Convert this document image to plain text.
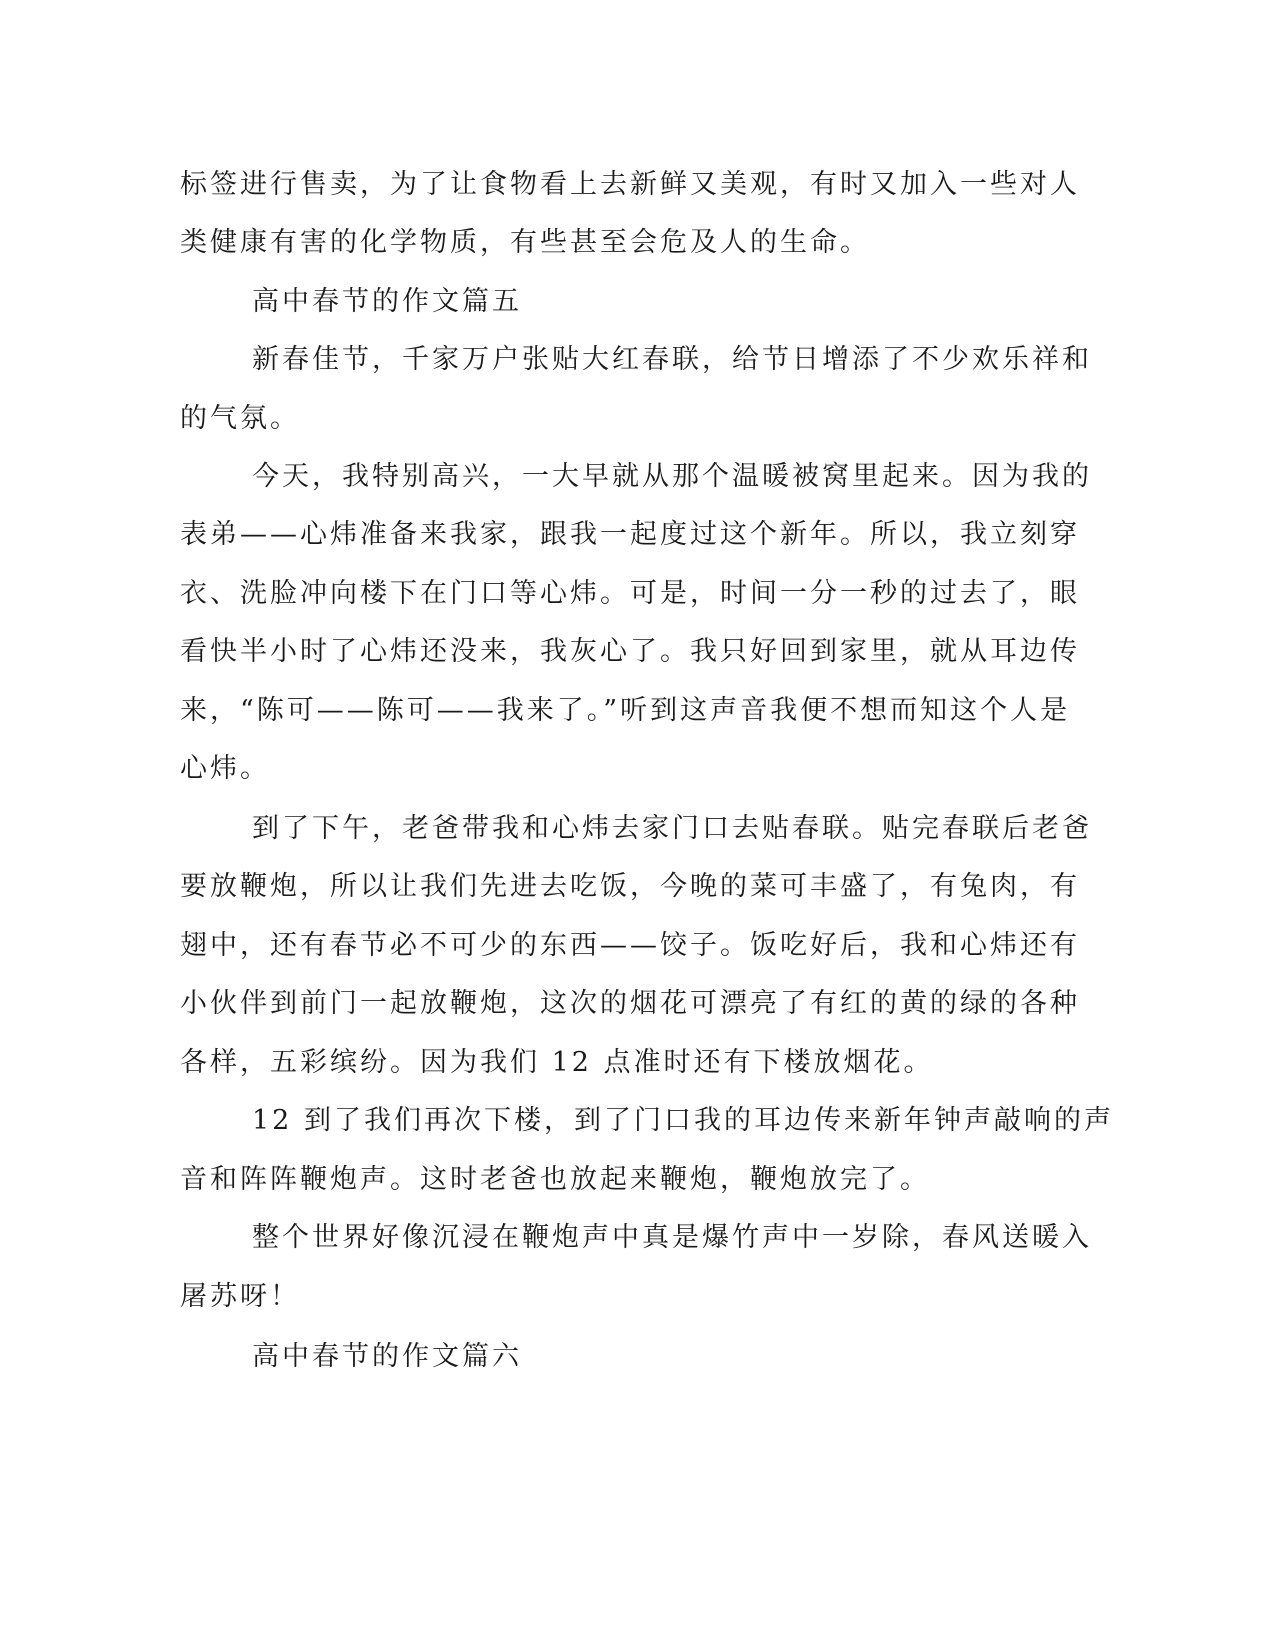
标签进行售卖，为了让食物看上去新鲜又美观，有时又加入一些对人
类健康有害的化学物质，有些甚至会危及人的生命。
高中春节的作文篇五
新春佳节，千家万户张贴大红春联，给节日增添了不少欢乐祥和
的气氛。
今天，我特别高兴，一大早就从那个温暖被窝里起来。因为我的
表弟——心炜准备来我家，跟我一起度过这个新年。所以，我立刻穿
衣、洗脸冲向楼下在门口等心炜。可是，时间一分一秒的过去了，眼
看快半小时了心炜还没来，我灰心了。我只好回到家里，就从耳边传
来，“陈可——陈可——我来了。”听到这声音我便不想而知这个人是
心炜。
到了下午，老爸带我和心炜去家门口去贴春联。贴完春联后老爸
要放鞭炮，所以让我们先进去吃饭，今晚的菜可丰盛了，有兔肉，有
翅中，还有春节必不可少的东西——饺子。饭吃好后，我和心炜还有
小伙伴到前门一起放鞭炮，这次的烟花可漂亮了有红的黄的绿的各种
各样，五彩缤纷。因为我们 12 点准时还有下楼放烟花。
12 到了我们再次下楼，到了门口我的耳边传来新年钟声敲响的声
音和阵阵鞭炮声。这时老爸也放起来鞭炮，鞭炮放完了。
整个世界好像沉浸在鞭炮声中真是爆竹声中一岁除，春风送暖入
屠苏呀！
高中春节的作文篇六
